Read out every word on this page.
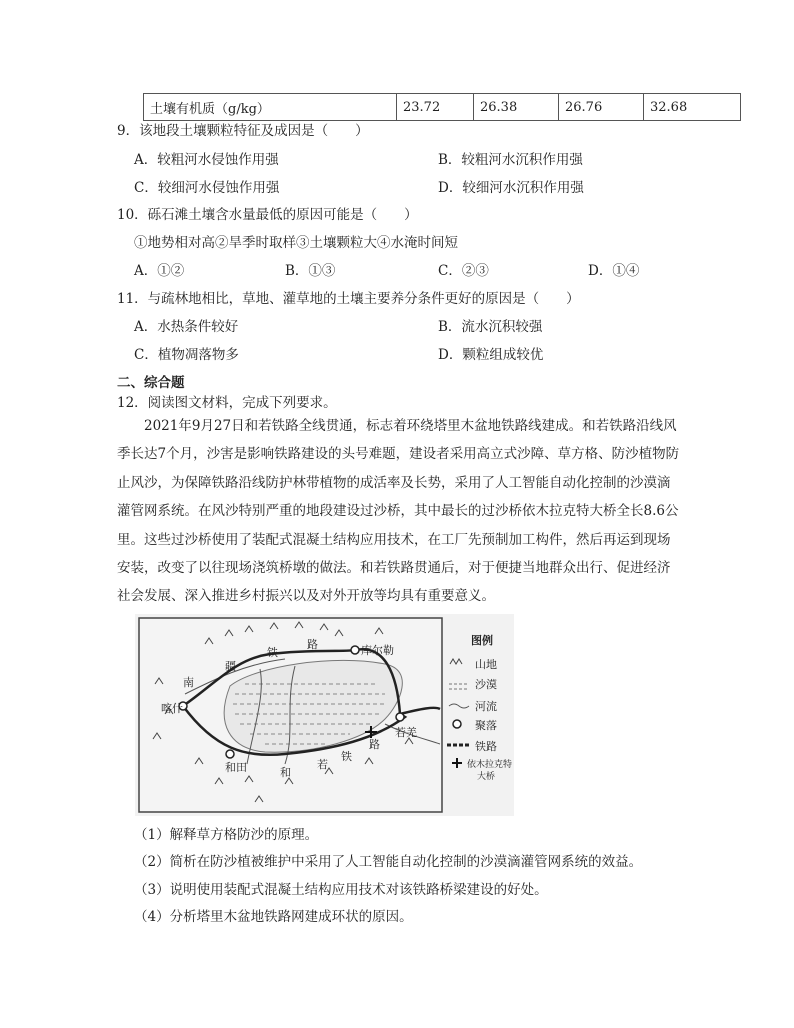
土壤有机质（g/kg）	23.72	26.38	26.76	32.68
9．该地段土壤颗粒特征及成因是（　　）
A．较粗河水侵蚀作用强	B．较粗河水沉积作用强
C．较细河水侵蚀作用强	D．较细河水沉积作用强
10．砾石滩土壤含水量最低的原因可能是（　　）
①地势相对高②旱季时取样③土壤颗粒大④水淹时间短
A．①②	B．①③	C．②③	D．①④
11．与疏林地相比，草地、灌草地的土壤主要养分条件更好的原因是（　　）
A．水热条件较好	B．流水沉积较强
C．植物凋落物多	D．颗粒组成较优
二、综合题
12．阅读图文材料，完成下列要求。
2021年9月27日和若铁路全线贯通，标志着环绕塔里木盆地铁路线建成。和若铁路沿线风季长达7个月，沙害是影响铁路建设的头号难题，建设者采用高立式沙障、草方格、防沙植物防止风沙，为保障铁路沿线防护林带植物的成活率及长势，采用了人工智能自动化控制的沙漠滴灌管网系统。在风沙特别严重的地段建设过沙桥，其中最长的过沙桥依木拉克特大桥全长8.6公里。这些过沙桥使用了装配式混凝土结构应用技术，在工厂先预制加工构件，然后再运到现场安装，改变了以往现场浇筑桥墩的做法。和若铁路贯通后，对于便捷当地群众出行、促进经济社会发展、深入推进乡村振兴以及对外开放等均具有重要意义。
图例
山地
沙漠
河流
聚落
铁路
依木拉克特
大桥
库尔勒
喀什
和田
若羌
南
疆
铁
路
和
若
铁
路
（1）解释草方格防沙的原理。
（2）简析在防沙植被维护中采用了人工智能自动化控制的沙漠滴灌管网系统的效益。
（3）说明使用装配式混凝土结构应用技术对该铁路桥梁建设的好处。
（4）分析塔里木盆地铁路网建成环状的原因。
